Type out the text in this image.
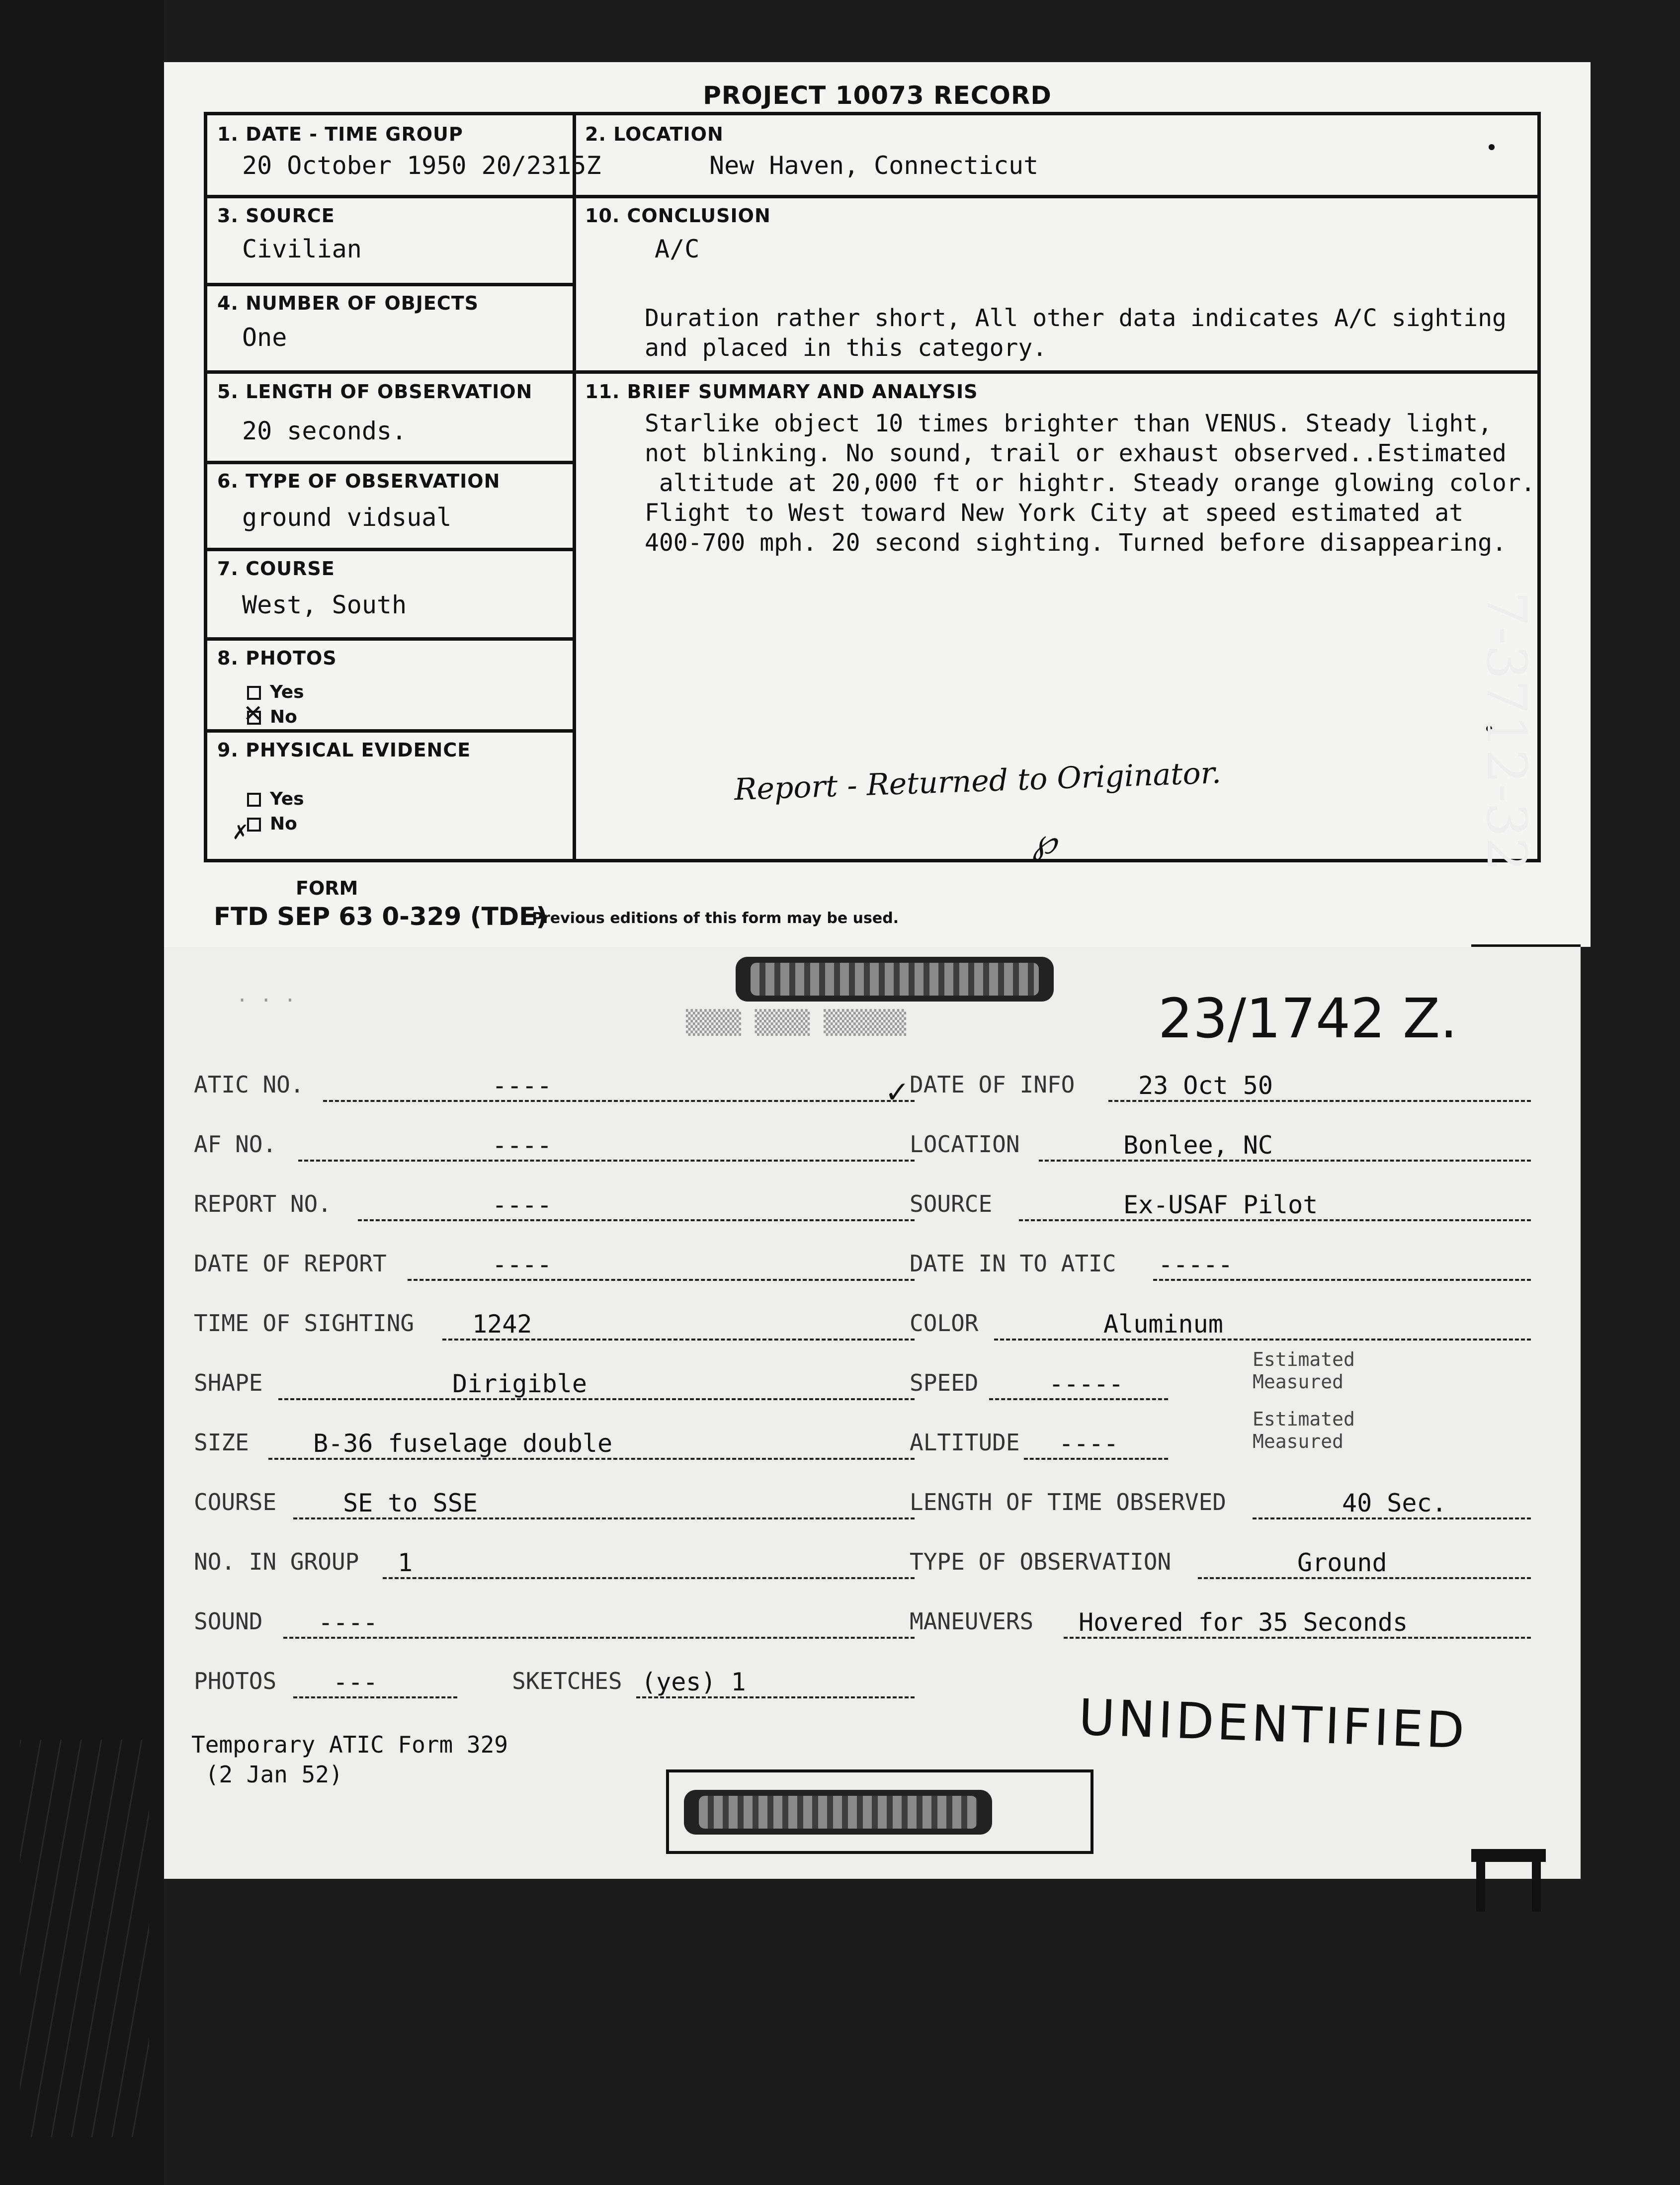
PROJECT 10073 RECORD
1. DATE - TIME GROUP
20 October 1950 20/2315Z
3. SOURCE
Civilian
4. NUMBER OF OBJECTS
One
5. LENGTH OF OBSERVATION
20 seconds.
6. TYPE OF OBSERVATION
ground vidsual
7. COURSE
West, South
8. PHOTOS
Yes
No
✕
9. PHYSICAL EVIDENCE
Yes
No
✗
2. LOCATION
New Haven, Connecticut
10. CONCLUSION
A/C
Duration rather short, All other data indicates A/C sighting
and placed in this category.
11. BRIEF SUMMARY AND ANALYSIS
Starlike object 10 times brighter than VENUS. Steady light,
not blinking. No sound, trail or exhaust observed..Estimated
altitude at 20,000 ft or hightr. Steady orange glowing color.
Flight to West toward New York City at speed estimated at
400-700 mph. 20 second sighting. Turned before disappearing.
Report - Returned to Originator.
℘
FORM
FTD SEP 63 0-329 (TDE)
Previous editions of this form may be used.
7-3712-32
▒▒▒▒ ▒▒▒▒ ▒▒▒▒▒▒
· · ·	23/1742 Z.
ATIC NO.	----
AF NO.	----
REPORT NO.	----
DATE OF REPORT	----
TIME OF SIGHTING 1242
SHAPE	Dirigible
SIZE	B-36 fuselage double
COURSE	SE to SSE
NO. IN GROUP 1
SOUND ----
PHOTOS ---	SKETCHES (yes) 1
DATE OF INFO	23 Oct 50
LOCATION	Bonlee, NC
SOURCE	Ex-USAF Pilot
DATE IN TO ATIC -----
COLOR	Aluminum
SPEED	-----
Estimated
Measured
ALTITUDE ----
Estimated
Measured
LENGTH OF TIME OBSERVED	40 Sec.
TYPE OF OBSERVATION	Ground
MANEUVERS Hovered for 35 Seconds
✓
UNIDENTIFIED
Temporary ATIC Form 329
(2 Jan 52)
